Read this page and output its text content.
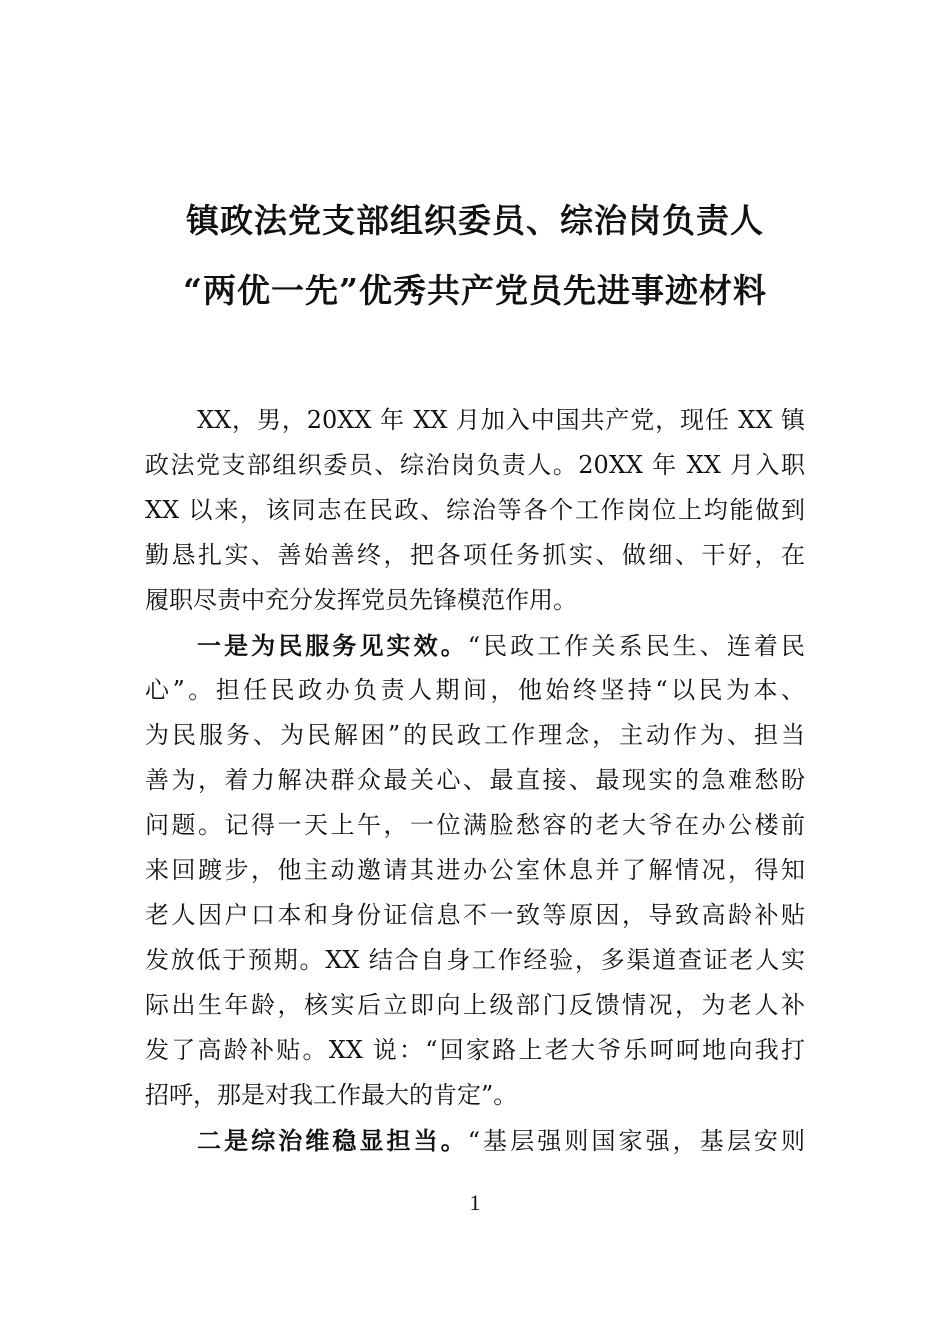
镇政法党支部组织委员、综治岗负责人
“两优一先”优秀共产党员先进事迹材料
XX，男，20XX 年 XX 月加入中国共产党，现任 XX 镇
政法党支部组织委员、综治岗负责人。20XX 年 XX 月入职
XX 以来，该同志在民政、综治等各个工作岗位上均能做到
勤恳扎实、善始善终，把各项任务抓实、做细、干好，在
履职尽责中充分发挥党员先锋模范作用。
一是为民服务见实效。“民政工作关系民生、连着民
心”。担任民政办负责人期间，他始终坚持“以民为本、
为民服务、为民解困”的民政工作理念，主动作为、担当
善为，着力解决群众最关心、最直接、最现实的急难愁盼
问题。记得一天上午，一位满脸愁容的老大爷在办公楼前
来回踱步，他主动邀请其进办公室休息并了解情况，得知
老人因户口本和身份证信息不一致等原因，导致高龄补贴
发放低于预期。XX 结合自身工作经验，多渠道查证老人实
际出生年龄，核实后立即向上级部门反馈情况，为老人补
发了高龄补贴。XX 说：“回家路上老大爷乐呵呵地向我打
招呼，那是对我工作最大的肯定”。
二是综治维稳显担当。“基层强则国家强，基层安则
1
